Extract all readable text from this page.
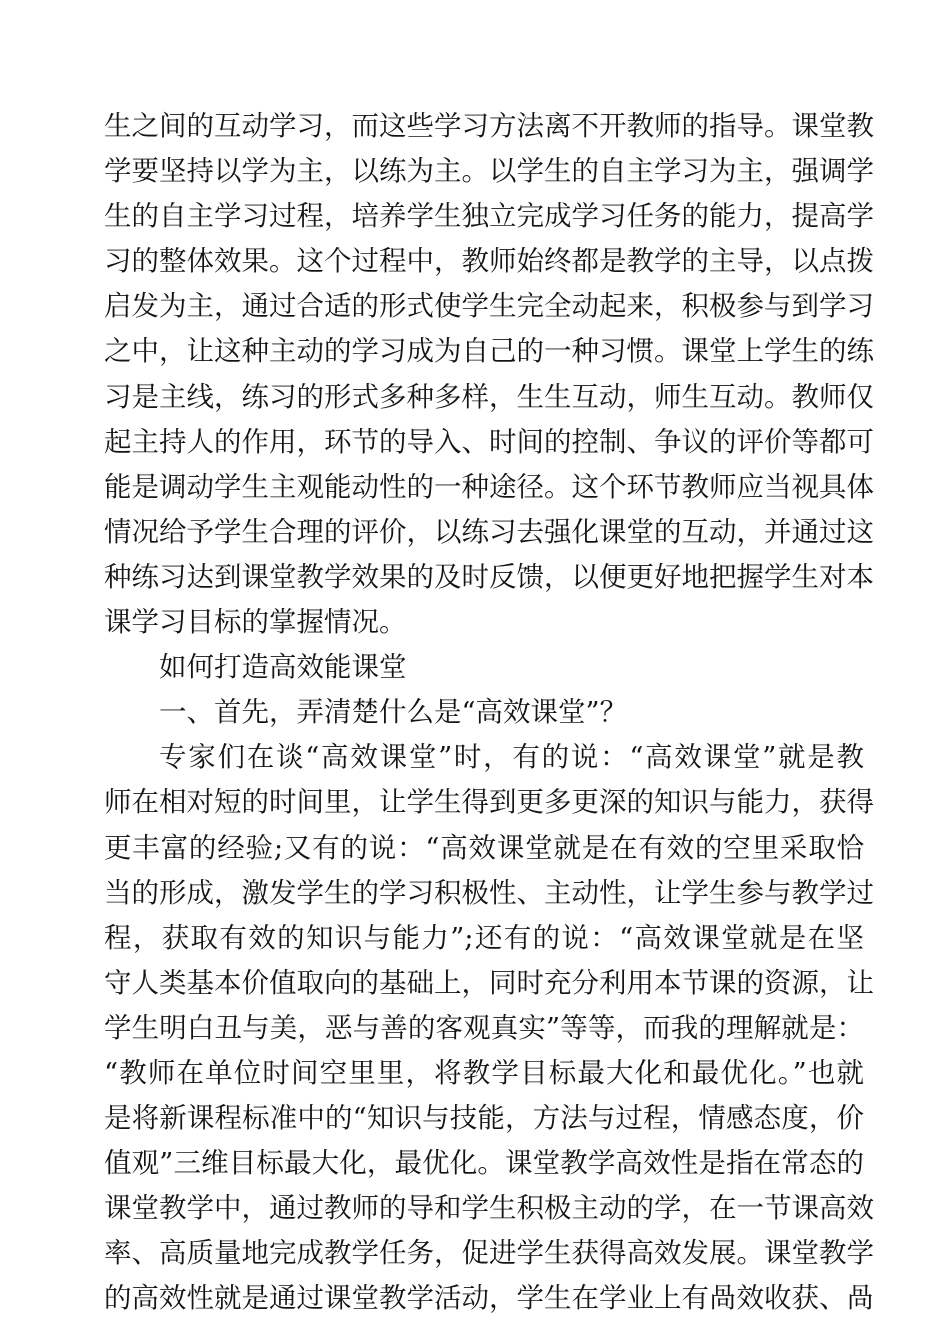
生之间的互动学习，而这些学习方法离不开教师的指导。课堂教
学要坚持以学为主，以练为主。以学生的自主学习为主，强调学
生的自主学习过程，培养学生独立完成学习任务的能力，提高学
习的整体效果。这个过程中，教师始终都是教学的主导，以点拨
启发为主，通过合适的形式使学生完全动起来，积极参与到学习
之中，让这种主动的学习成为自己的一种习惯。课堂上学生的练
习是主线，练习的形式多种多样，生生互动，师生互动。教师仅
起主持人的作用，环节的导入、时间的控制、争议的评价等都可
能是调动学生主观能动性的一种途径。这个环节教师应当视具体
情况给予学生合理的评价，以练习去强化课堂的互动，并通过这
种练习达到课堂教学效果的及时反馈，以便更好地把握学生对本
课学习目标的掌握情况。
如何打造高效能课堂
一、首先，弄清楚什么是“高效课堂”？
专家们在谈“高效课堂”时，有的说：“高效课堂”就是教
师在相对短的时间里，让学生得到更多更深的知识与能力，获得
更丰富的经验;又有的说：“高效课堂就是在有效的空里采取恰
当的形成，激发学生的学习积极性、主动性，让学生参与教学过
程，获取有效的知识与能力”;还有的说：“高效课堂就是在坚
守人类基本价值取向的基础上，同时充分利用本节课的资源，让
学生明白丑与美，恶与善的客观真实”等等，而我的理解就是：
“教师在单位时间空里里，将教学目标最大化和最优化。”也就
是将新课程标准中的“知识与技能，方法与过程，情感态度，价
值观”三维目标最大化，最优化。课堂教学高效性是指在常态的
课堂教学中，通过教师的导和学生积极主动的学，在一节课高效
率、高质量地完成教学任务，促进学生获得高效发展。课堂教学
的高效性就是通过课堂教学活动，学生在学业上有咼效收获、咼
